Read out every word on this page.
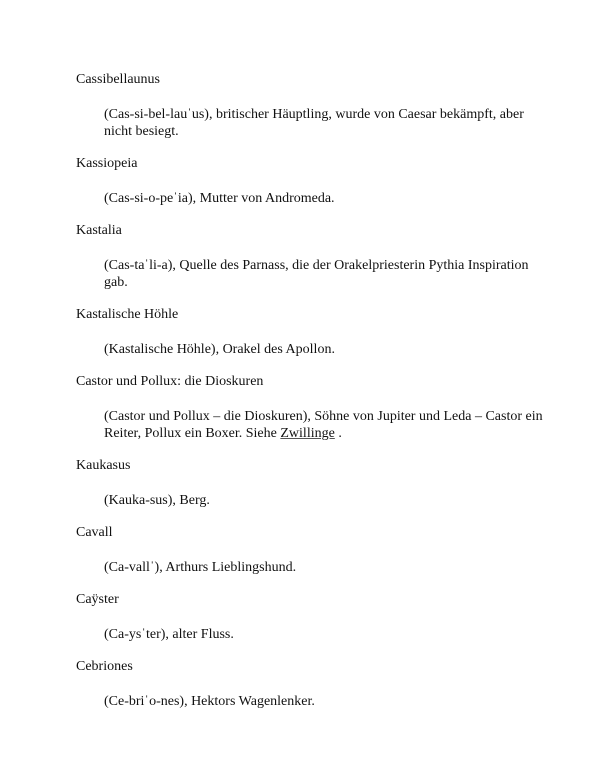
Cassibellaunus

(Cas-si-bel-lauˈus), britischer Häuptling, wurde von Caesar bekämpft, aber nicht besiegt.

Kassiopeia

(Cas-si-o-peˈia), Mutter von Andromeda.

Kastalia

(Cas-taˈli-a), Quelle des Parnass, die der Orakelpriesterin Pythia Inspiration gab.

Kastalische Höhle

(Kastalische Höhle), Orakel des Apollon.

Castor und Pollux: die Dioskuren

(Castor und Pollux – die Dioskuren), Söhne von Jupiter und Leda – Castor ein Reiter, Pollux ein Boxer. Siehe Zwillinge .

Kaukasus

(Kauka-sus), Berg.

Cavall

(Ca-vallˈ), Arthurs Lieblingshund.

Caÿster

(Ca-ysˈter), alter Fluss.

Cebriones

(Ce-briˈo-nes), Hektors Wagenlenker.
